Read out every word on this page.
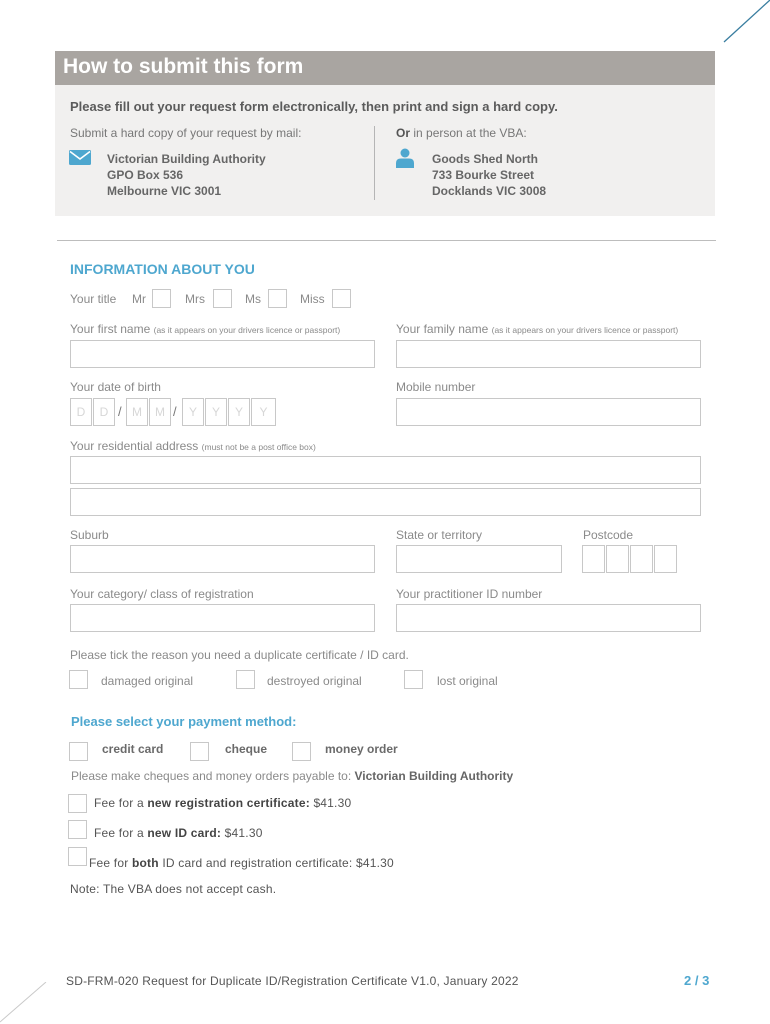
How to submit this form
Please fill out your request form electronically, then print and sign a hard copy.
Submit a hard copy of your request by mail:	Or in person at the VBA:
Victorian Building Authority
GPO Box 536
Melbourne VIC 3001
Goods Shed North
733 Bourke Street
Docklands VIC 3008
INFORMATION ABOUT YOU
Your title Mr	Mrs	Ms	Miss
Your first name (as it appears on your drivers licence or passport)	Your family name (as it appears on your drivers licence or passport)
Your date of birth
D	D / M	M /	Y	Y	Y	Y
Mobile number
Your residential address (must not be a post office box)
Suburb	State or territory	Postcode
Your category/ class of registration	Your practitioner ID number
Please tick the reason you need a duplicate certificate / ID card.
damaged original	destroyed original	lost original
Please select your payment method:
credit card	cheque	money order
Please make cheques and money orders payable to: Victorian Building Authority
Fee for a new registration certificate: $41.30
Fee for a new ID card: $41.30
Fee for both ID card and registration certificate: $41.30
Note: The VBA does not accept cash.
SD-FRM-020 Request for Duplicate ID/Registration Certificate V1.0, January 2022	2 / 3
